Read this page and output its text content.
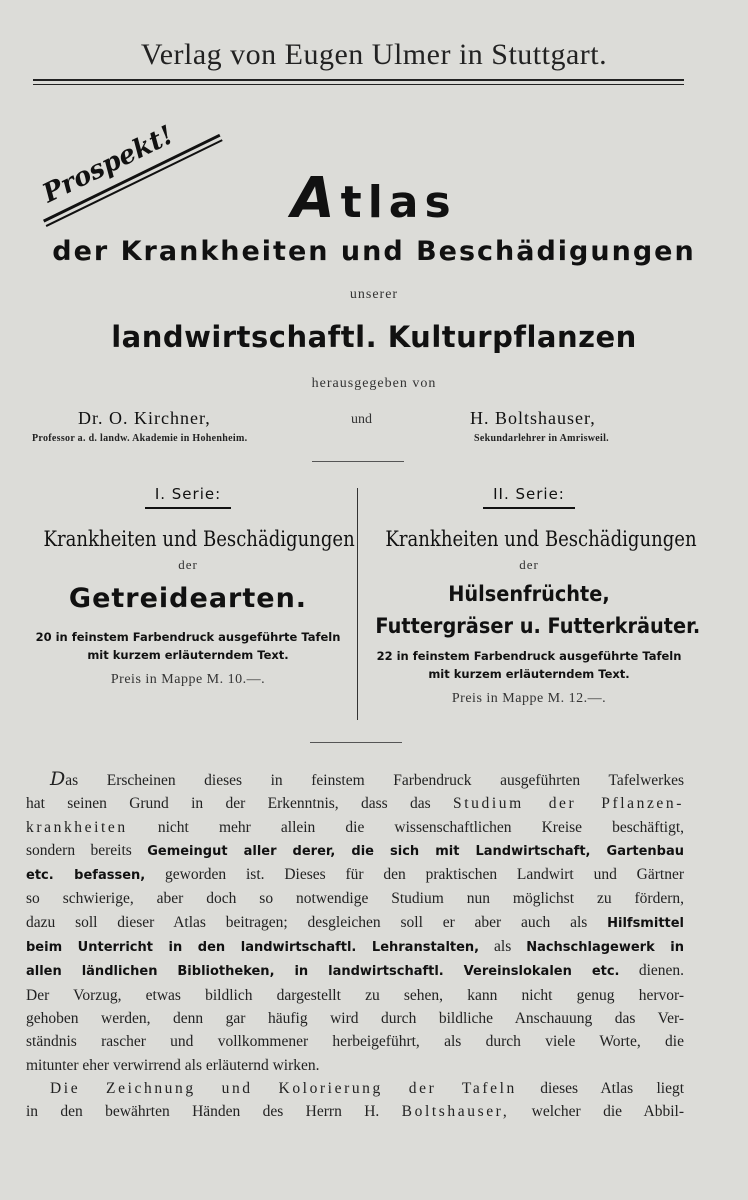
Verlag von Eugen Ulmer in Stuttgart.
Prospekt!	Atlas
der Krankheiten und Beschädigungen
unserer
landwirtschaftl. Kulturpflanzen
herausgegeben von
Dr. O. Kirchner,	und	H. Boltshauser,
Professor a. d. landw. Akademie in Hohenheim.	Sekundarlehrer in Amrisweil.
I. Serie:
Krankheiten und Beschädigungen
der
Getreidearten.
20 in feinstem Farbendruck ausgeführte Tafeln
mit kurzem erläuterndem Text.
Preis in Mappe M. 10.—.
II. Serie:
Krankheiten und Beschädigungen
der
Hülsenfrüchte,
Futtergräser u. Futterkräuter.
22 in feinstem Farbendruck ausgeführte Tafeln
mit kurzem erläuterndem Text.
Preis in Mappe M. 12.—.
Das Erscheinen dieses in feinstem Farbendruck ausgeführten Tafelwerkes
hat seinen Grund in der Erkenntnis, dass das Studium der Pflanzen-
krankheiten nicht mehr allein die wissenschaftlichen Kreise beschäftigt,
sondern bereits Gemeingut aller derer, die sich mit Landwirtschaft, Gartenbau
etc. befassen, geworden ist. Dieses für den praktischen Landwirt und Gärtner
so schwierige, aber doch so notwendige Studium nun möglichst zu fördern,
dazu soll dieser Atlas beitragen; desgleichen soll er aber auch als Hilfsmittel
beim Unterricht in den landwirtschaftl. Lehranstalten, als Nachschlagewerk in
allen ländlichen Bibliotheken, in landwirtschaftl. Vereinslokalen etc. dienen.
Der Vorzug, etwas bildlich dargestellt zu sehen, kann nicht genug hervor-
gehoben werden, denn gar häufig wird durch bildliche Anschauung das Ver-
ständnis rascher und vollkommener herbeigeführt, als durch viele Worte, die
mitunter eher verwirrend als erläuternd wirken.
Die Zeichnung und Kolorierung der Tafeln dieses Atlas liegt
in den bewährten Händen des Herrn H. Boltshauser, welcher die Abbil-
